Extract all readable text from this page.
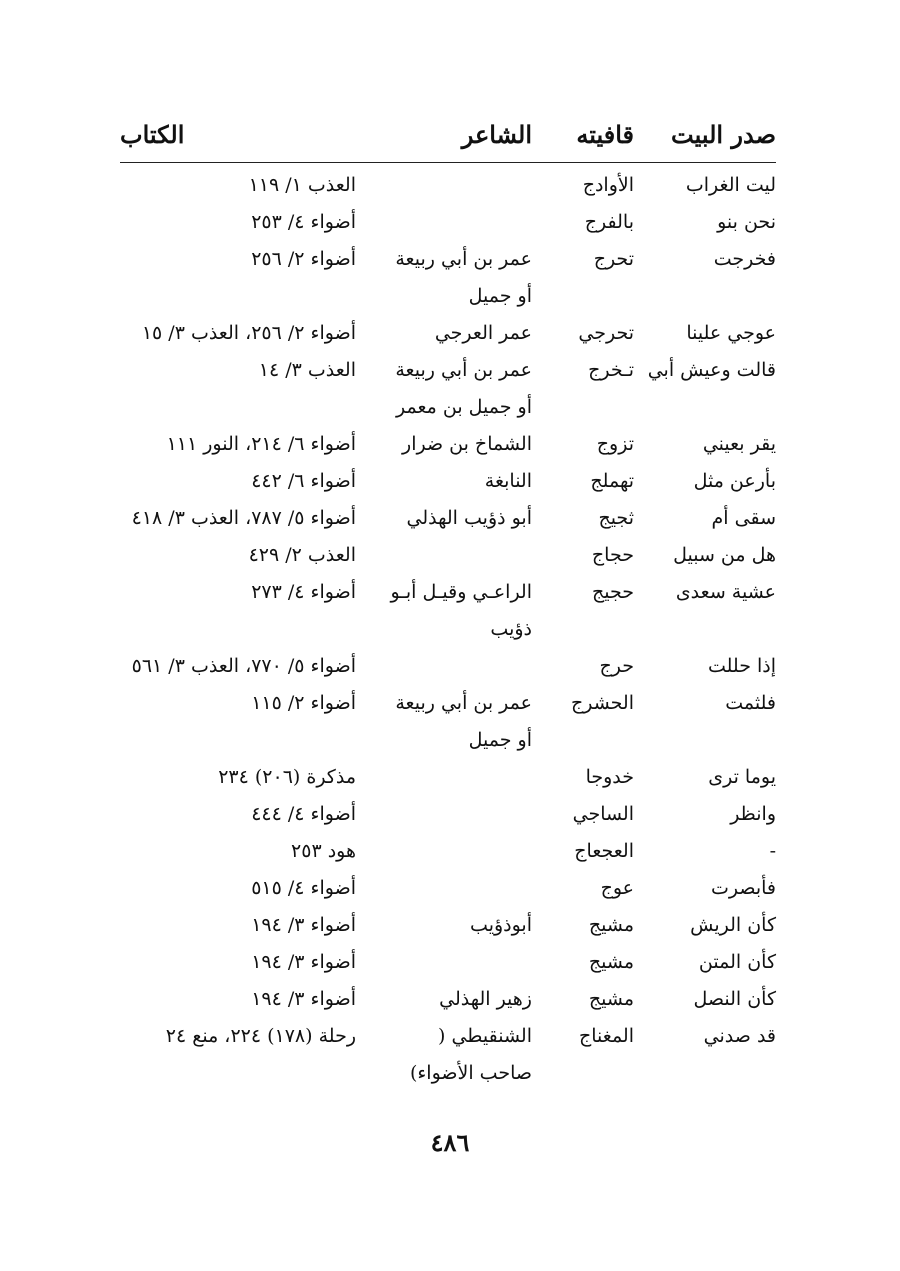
صدر البيت
قافيته
الشاعر
الكتاب
ليت الغراب
الأوادج
العذب ١/ ١١٩
نحن بنو
بالفرج
أضواء ٤/ ٢٥٣
فخرجت
تحرج
عمر بن أبي ربيعة أو جميل
أضواء ٢/ ٢٥٦
عوجي علينا
تحرجي
عمر العرجي
أضواء ٢/ ٢٥٦، العذب ٣/ ١٥
قالت وعيش أبي
تـخرج
عمر بن أبي ربيعة أو جميل بن معمر
العذب ٣/ ١٤
يقر بعيني
تزوج
الشماخ بن ضرار
أضواء ٦/ ٢١٤، النور ١١١
بأرعن مثل
تهملج
النابغة
أضواء ٦/ ٤٤٢
سقى أم
ثجيج
أبو ذؤيب الهذلي
أضواء ٥/ ٧٨٧، العذب ٣/ ٤١٨
هل من سبيل
حجاج
العذب ٢/ ٤٢٩
عشية سعدى
حجيج
الراعـي وقيـل أبـو ذؤيب
أضواء ٤/ ٢٧٣
إذا حللت
حرج
أضواء ٥/ ٧٧٠، العذب ٣/ ٥٦١
فلثمت
الحشرج
عمر بن أبي ربيعة أو جميل
أضواء ٢/ ١١٥
يوما ترى
خدوجا
مذكرة (٢٠٦) ٢٣٤
وانظر
الساجي
أضواء ٤/ ٤٤٤
-
العجعاج
هود ٢٥٣
فأبصرت
عوج
أضواء ٤/ ٥١٥
كأن الريش
مشيج
أبوذؤيب
أضواء ٣/ ١٩٤
كأن المتن
مشيج
أضواء ٣/ ١٩٤
كأن النصل
مشيج
زهير الهذلي
أضواء ٣/ ١٩٤
قد صدني
المغناج
الشنقيطي ( صاحب الأضواء)
رحلة (١٧٨) ٢٢٤، منع ٢٤
٤٨٦
